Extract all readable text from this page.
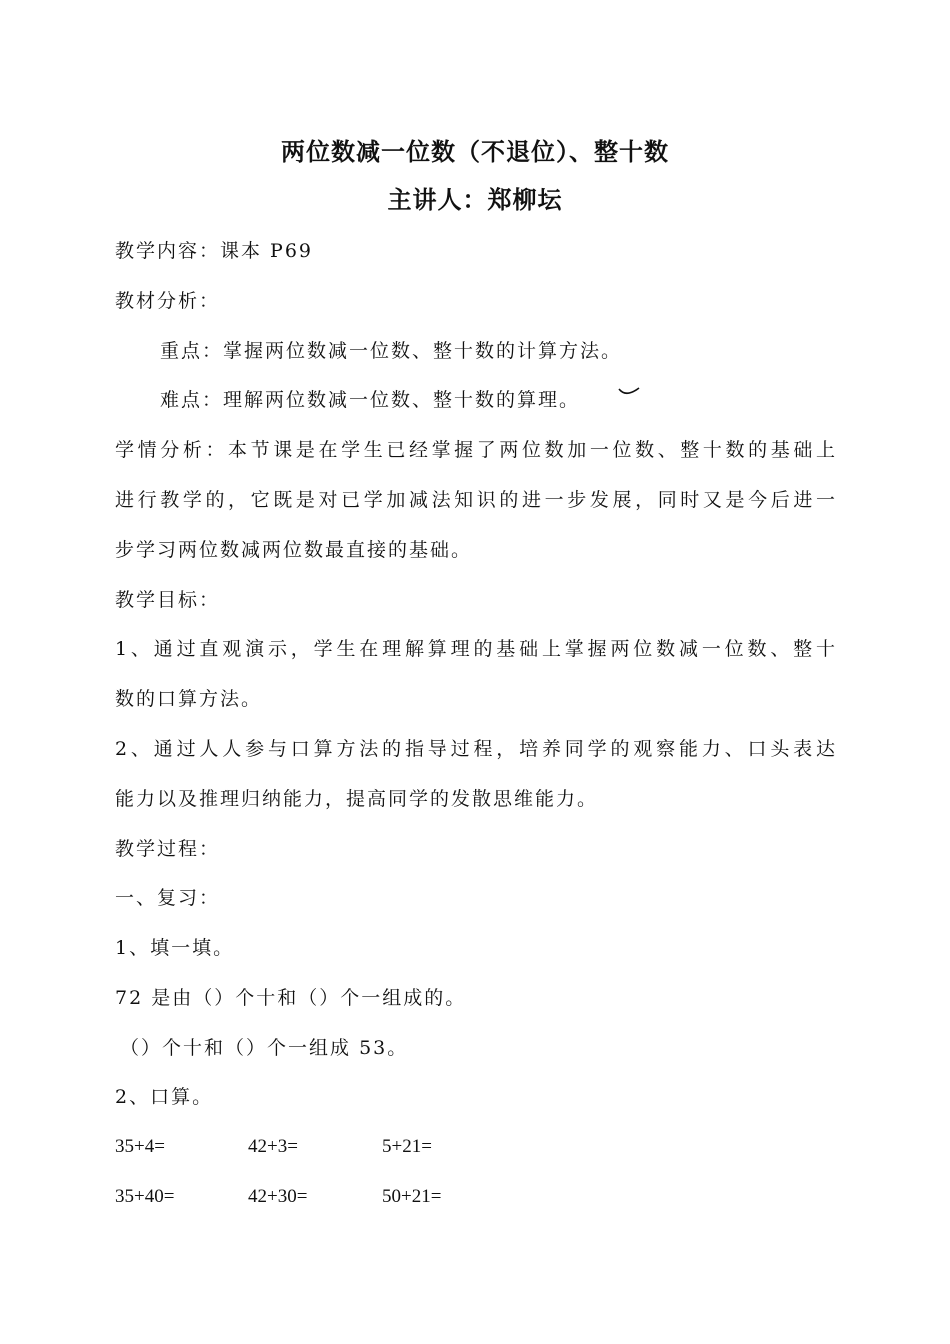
两位数减一位数（不退位）、整十数
主讲人：郑柳坛
教学内容：课本 P69
教材分析：
重点：掌握两位数减一位数、整十数的计算方法。
难点：理解两位数减一位数、整十数的算理。
学情分析：本节课是在学生已经掌握了两位数加一位数、整十数的基础上
进行教学的，它既是对已学加减法知识的进一步发展，同时又是今后进一
步学习两位数减两位数最直接的基础。
教学目标：
1、通过直观演示，学生在理解算理的基础上掌握两位数减一位数、整十
数的口算方法。
2、通过人人参与口算方法的指导过程，培养同学的观察能力、口头表达
能力以及推理归纳能力，提高同学的发散思维能力。
教学过程：
一、复习：
1、填一填。
72 是由（）个十和（）个一组成的。
（）个十和（）个一组成 53。
2、口算。
35+4=	42+3=	5+21=
35+40=	42+30=	50+21=
